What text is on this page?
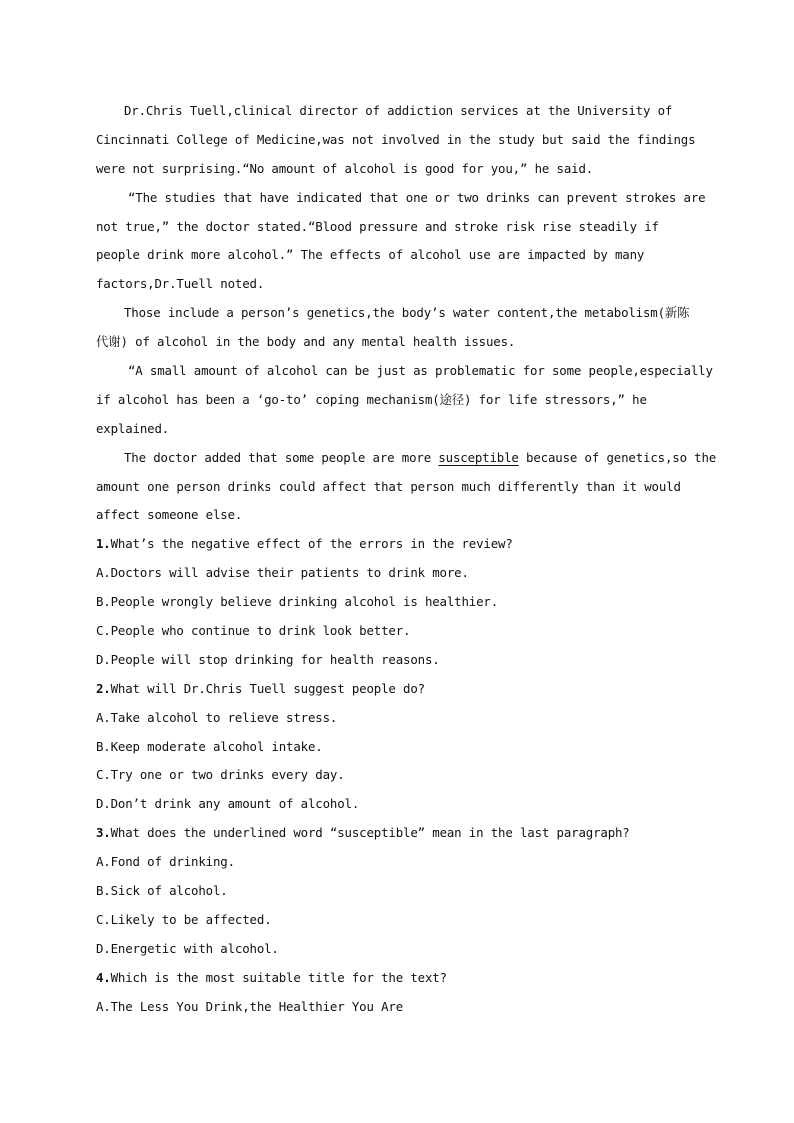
Dr.Chris Tuell,clinical director of addiction services at the University of
Cincinnati College of Medicine,was not involved in the study but said the findings
were not surprising.“No amount of alcohol is good for you,” he said.
“The studies that have indicated that one or two drinks can prevent strokes are
not true,” the doctor stated.“Blood pressure and stroke risk rise steadily if
people drink more alcohol.” The effects of alcohol use are impacted by many
factors,Dr.Tuell noted.
Those include a person’s genetics,the body’s water content,the metabolism(新陈
代谢) of alcohol in the body and any mental health issues.
“A small amount of alcohol can be just as problematic for some people,especially
if alcohol has been a ‘go-to’ coping mechanism(途径) for life stressors,” he
explained.
The doctor added that some people are more susceptible because of genetics,so the
amount one person drinks could affect that person much differently than it would
affect someone else.
1.What’s the negative effect of the errors in the review?
A.Doctors will advise their patients to drink more.
B.People wrongly believe drinking alcohol is healthier.
C.People who continue to drink look better.
D.People will stop drinking for health reasons.
2.What will Dr.Chris Tuell suggest people do?
A.Take alcohol to relieve stress.
B.Keep moderate alcohol intake.
C.Try one or two drinks every day.
D.Don’t drink any amount of alcohol.
3.What does the underlined word “susceptible” mean in the last paragraph?
A.Fond of drinking.
B.Sick of alcohol.
C.Likely to be affected.
D.Energetic with alcohol.
4.Which is the most suitable title for the text?
A.The Less You Drink,the Healthier You Are
